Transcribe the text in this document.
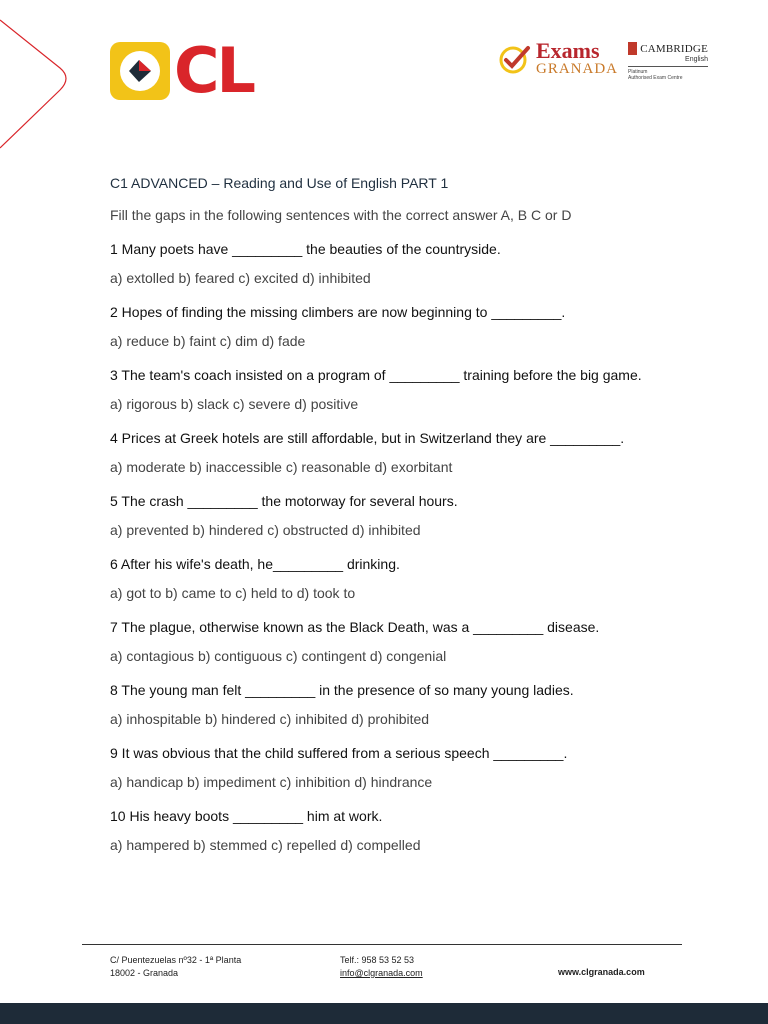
CL	Exams
GRANADA
CAMBRIDGE
English
Platinum
Authorised Exam Centre

C1 ADVANCED – Reading and Use of English PART 1

Fill the gaps in the following sentences with the correct answer A, B C or D

1 Many poets have _________ the beauties of the countryside.

a) extolled b) feared c) excited d) inhibited

2 Hopes of finding the missing climbers are now beginning to _________.

a) reduce b) faint c) dim d) fade

3 The team's coach insisted on a program of _________ training before the big game.

a) rigorous b) slack c) severe d) positive

4 Prices at Greek hotels are still affordable, but in Switzerland they are _________.

a) moderate b) inaccessible c) reasonable d) exorbitant

5 The crash _________ the motorway for several hours.

a) prevented b) hindered c) obstructed d) inhibited

6 After his wife's death, he_________ drinking.

a) got to b) came to c) held to d) took to

7 The plague, otherwise known as the Black Death, was a _________ disease.

a) contagious b) contiguous c) contingent d) congenial

8 The young man felt _________ in the presence of so many young ladies.

a) inhospitable b) hindered c) inhibited d) prohibited

9 It was obvious that the child suffered from a serious speech _________.

a) handicap b) impediment c) inhibition d) hindrance

10 His heavy boots _________ him at work.

a) hampered b) stemmed c) repelled d) compelled

C/ Puentezuelas nº32 - 1ª Planta
18002 - Granada
Telf.: 958 53 52 53
info@clgranada.com	www.clgranada.com
